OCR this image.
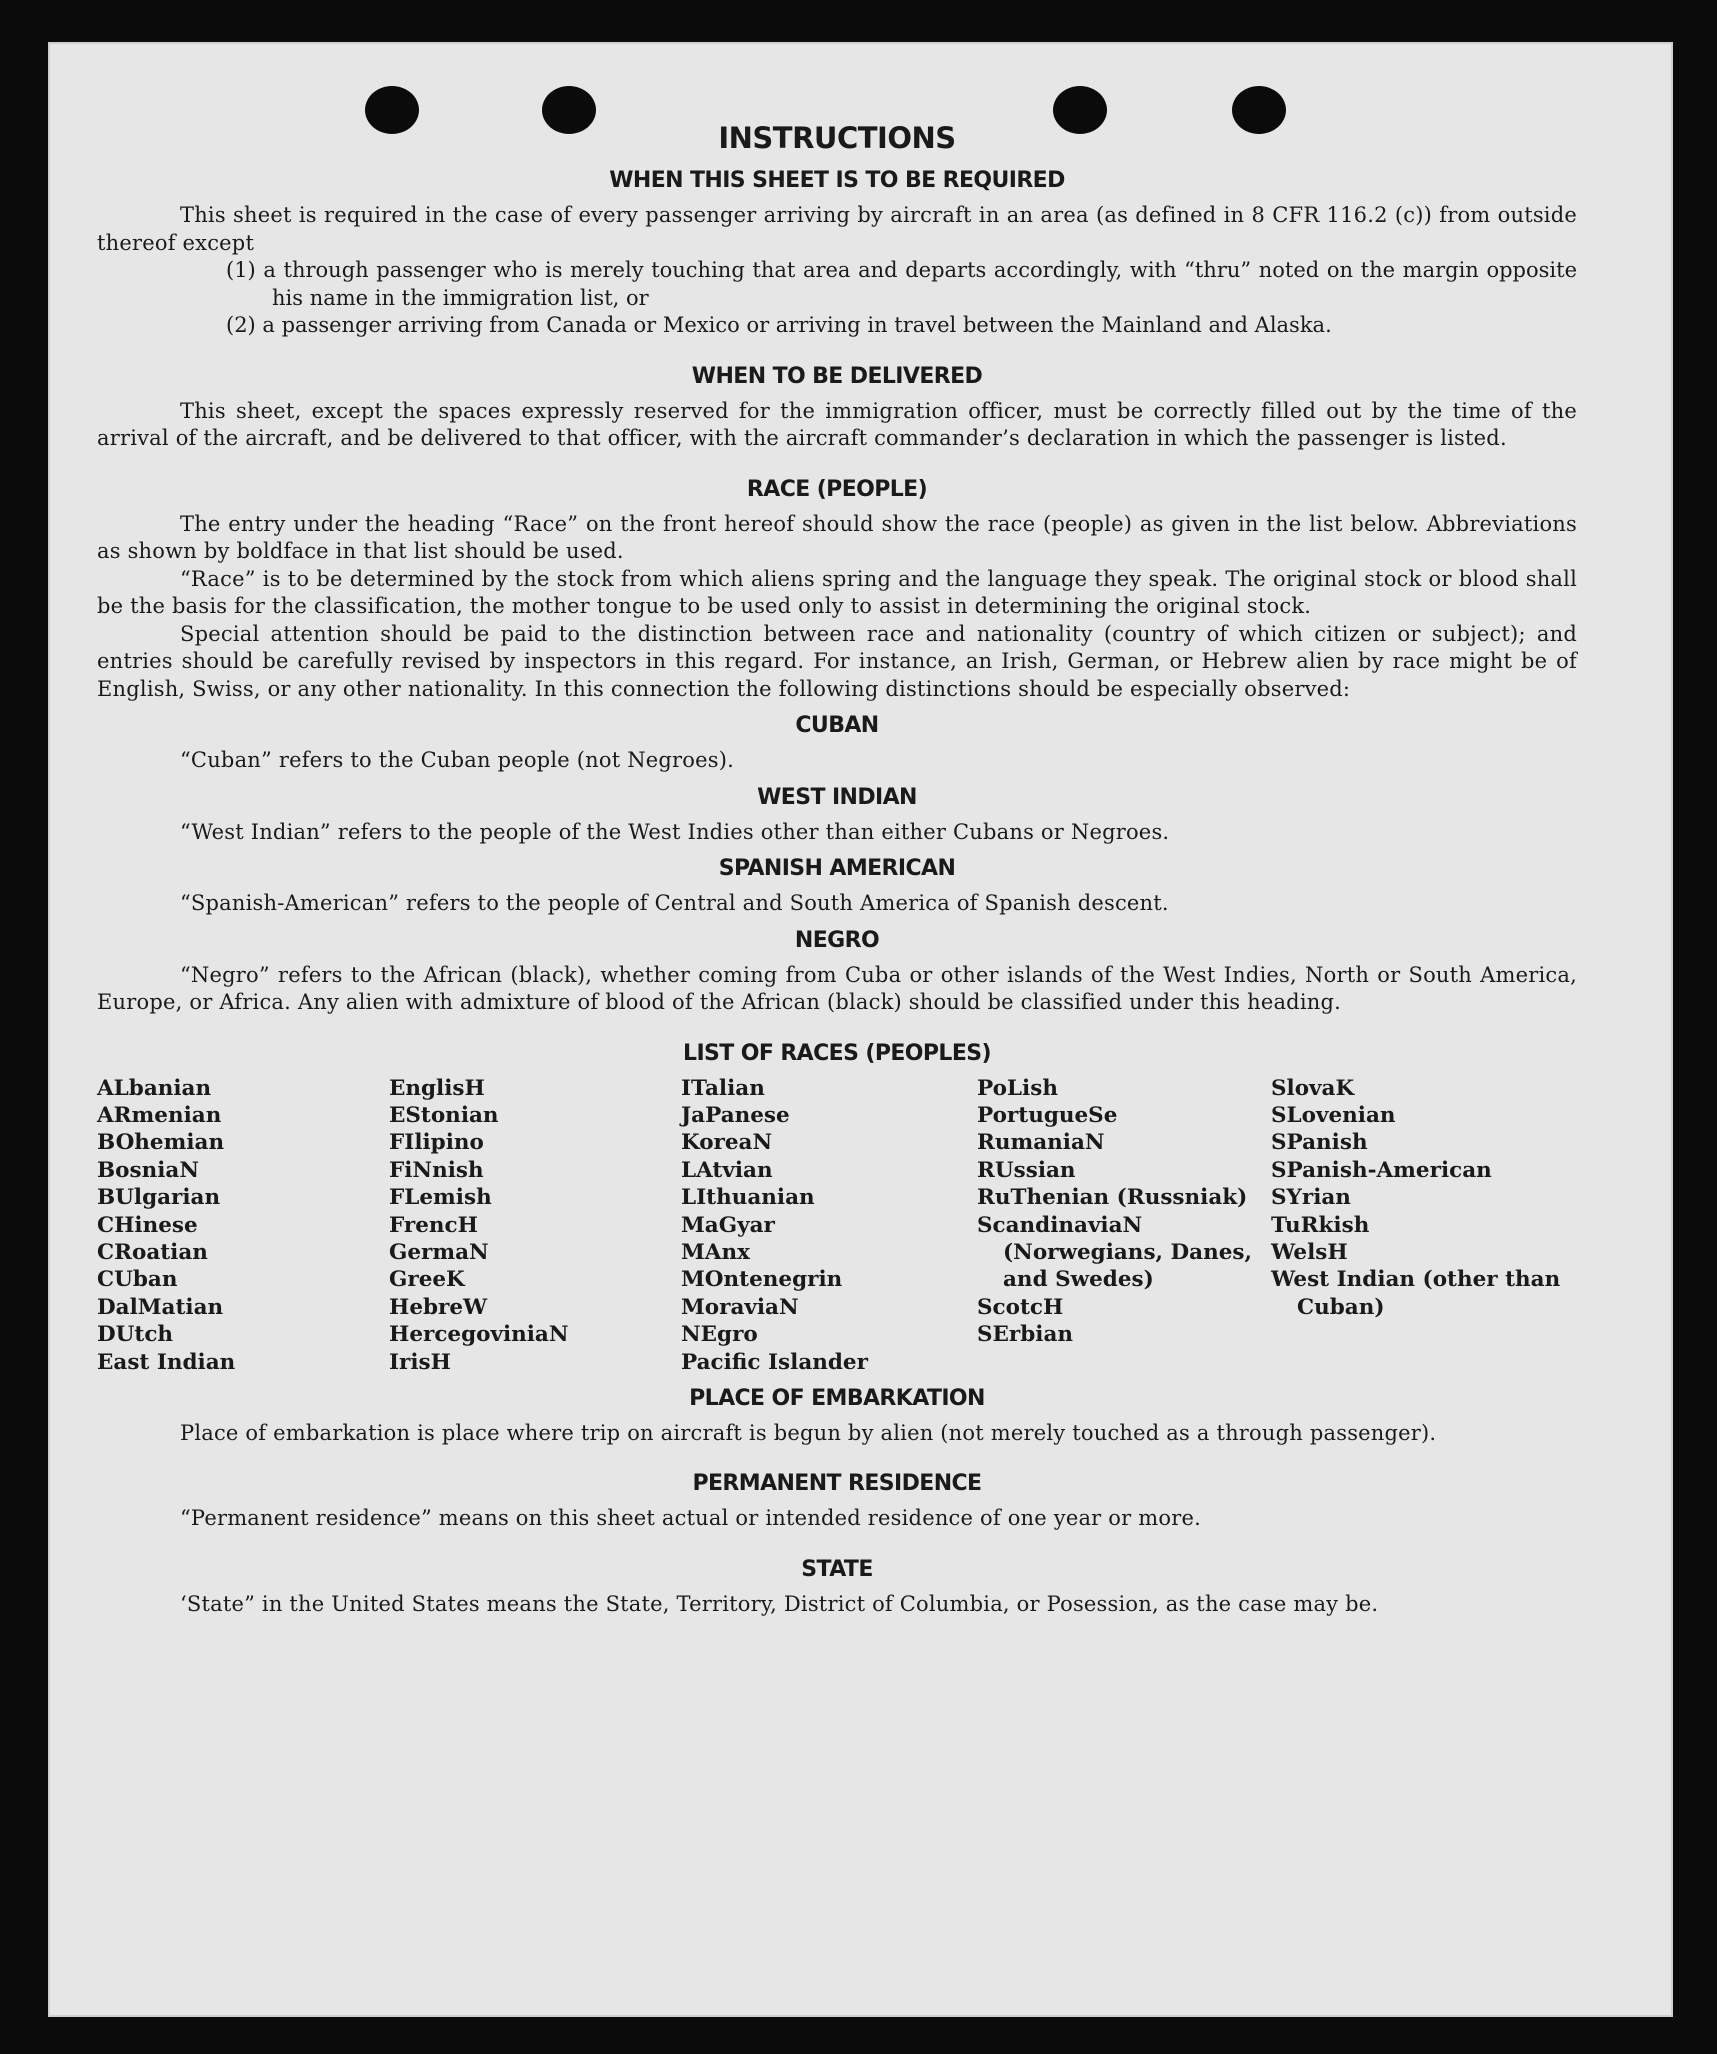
INSTRUCTIONS
WHEN THIS SHEET IS TO BE REQUIRED

This sheet is required in the case of every passenger arriving by aircraft in an area (as defined in 8 CFR 116.2 (c)) from outside thereof except

(1) a through passenger who is merely touching that area and departs accordingly, with “thru” noted on the margin opposite his name in the immigration list, or
(2) a passenger arriving from Canada or Mexico or arriving in travel between the Mainland and Alaska.
WHEN TO BE DELIVERED

This sheet, except the spaces expressly reserved for the immigration officer, must be correctly filled out by the time of the arrival of the aircraft, and be delivered to that officer, with the aircraft commander’s declaration in which the passenger is listed.

RACE (PEOPLE)

The entry under the heading “Race” on the front hereof should show the race (people) as given in the list below. Abbreviations as shown by boldface in that list should be used.

“Race” is to be determined by the stock from which aliens spring and the language they speak. The original stock or blood shall be the basis for the classification, the mother tongue to be used only to assist in determining the original stock.

Special attention should be paid to the distinction between race and nationality (country of which citizen or subject); and entries should be carefully revised by inspectors in this regard. For instance, an Irish, German, or Hebrew alien by race might be of English, Swiss, or any other nationality. In this connection the following distinctions should be especially observed:

CUBAN

“Cuban” refers to the Cuban people (not Negroes).

WEST INDIAN

“West Indian” refers to the people of the West Indies other than either Cubans or Negroes.

SPANISH AMERICAN

“Spanish-American” refers to the people of Central and South America of Spanish descent.

NEGRO

“Negro” refers to the African (black), whether coming from Cuba or other islands of the West Indies, North or South America, Europe, or Africa. Any alien with admixture of blood of the African (black) should be classified under this heading.

LIST OF RACES (PEOPLES)
ALbanian
ARmenian
BOhemian
BosniaN
BUlgarian
CHinese
CRoatian
CUban
DalMatian
DUtch
East Indian
EnglisH
EStonian
FIlipino
FiNnish
FLemish
FrencH
GermaN
GreeK
HebreW
HercegoviniaN
IrisH
ITalian
JaPanese
KoreaN
LAtvian
LIthuanian
MaGyar
MAnx
MOntenegrin
MoraviaN
NEgro
Pacific Islander
PoLish
PortugueSe
RumaniaN
RUssian
RuThenian (Russniak)
ScandinaviaN (Norwegians, Danes, and Swedes)
ScotcH
SErbian
SlovaK
SLovenian
SPanish
SPanish-American
SYrian
TuRkish
WelsH
West Indian (other than Cuban)
PLACE OF EMBARKATION

Place of embarkation is place where trip on aircraft is begun by alien (not merely touched as a through passenger).

PERMANENT RESIDENCE

“Permanent residence” means on this sheet actual or intended residence of one year or more.

STATE

‘State” in the United States means the State, Territory, District of Columbia, or Posession, as the case may be.
